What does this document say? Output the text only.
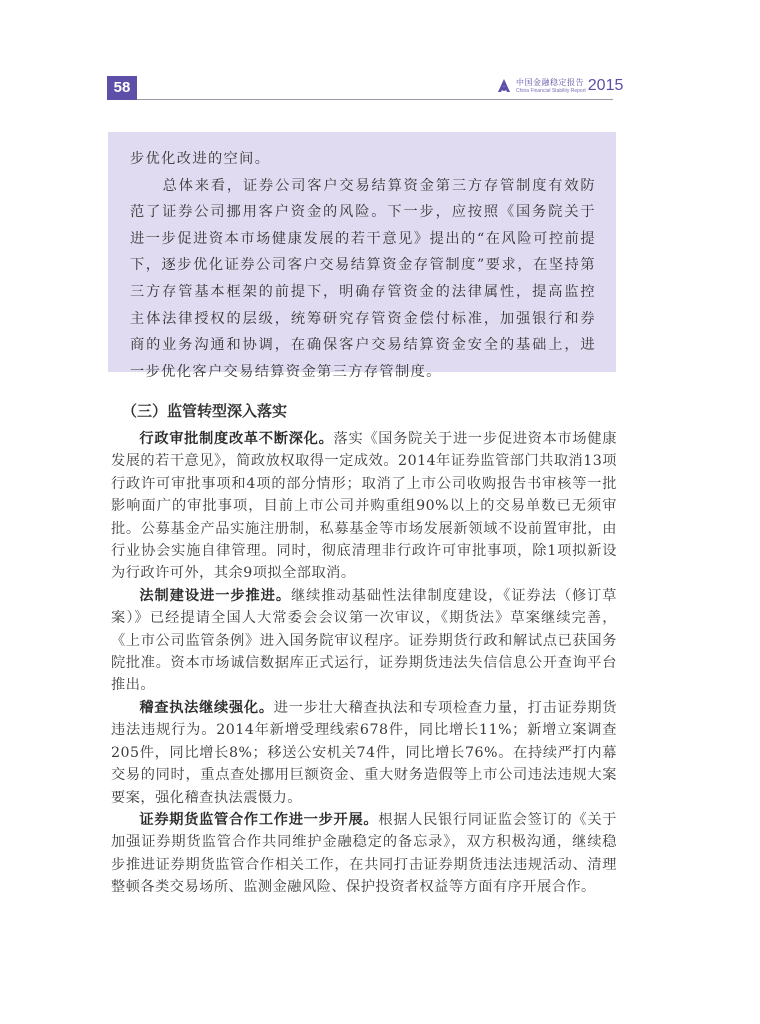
58	中国金融稳定报告
China Financial Stability Report 2015

步优化改进的空间。

总体来看，证券公司客户交易结算资金第三方存管制度有效防范了证券公司挪用客户资金的风险。下一步，应按照《国务院关于进一步促进资本市场健康发展的若干意见》提出的“在风险可控前提下，逐步优化证券公司客户交易结算资金存管制度”要求，在坚持第三方存管基本框架的前提下，明确存管资金的法律属性，提高监控主体法律授权的层级，统筹研究存管资金偿付标准，加强银行和券商的业务沟通和协调，在确保客户交易结算资金安全的基础上，进一步优化客户交易结算资金第三方存管制度。

（三）监管转型深入落实

行政审批制度改革不断深化。落实《国务院关于进一步促进资本市场健康发展的若干意见》，简政放权取得一定成效。2014年证券监管部门共取消13项行政许可审批事项和4项的部分情形；取消了上市公司收购报告书审核等一批影响面广的审批事项，目前上市公司并购重组90%以上的交易单数已无须审批。公募基金产品实施注册制，私募基金等市场发展新领域不设前置审批，由行业协会实施自律管理。同时，彻底清理非行政许可审批事项，除1项拟新设为行政许可外，其余9项拟全部取消。

法制建设进一步推进。继续推动基础性法律制度建设，《证券法（修订草案）》已经提请全国人大常委会会议第一次审议，《期货法》草案继续完善，《上市公司监管条例》进入国务院审议程序。证券期货行政和解试点已获国务院批准。资本市场诚信数据库正式运行，证券期货违法失信信息公开查询平台推出。

稽查执法继续强化。进一步壮大稽查执法和专项检查力量，打击证券期货违法违规行为。2014年新增受理线索678件，同比增长11%；新增立案调查205件，同比增长8%；移送公安机关74件，同比增长76%。在持续严打内幕交易的同时，重点查处挪用巨额资金、重大财务造假等上市公司违法违规大案要案，强化稽查执法震慑力。

证券期货监管合作工作进一步开展。根据人民银行同证监会签订的《关于加强证券期货监管合作共同维护金融稳定的备忘录》，双方积极沟通，继续稳步推进证券期货监管合作相关工作，在共同打击证券期货违法违规活动、清理整顿各类交易场所、监测金融风险、保护投资者权益等方面有序开展合作。
